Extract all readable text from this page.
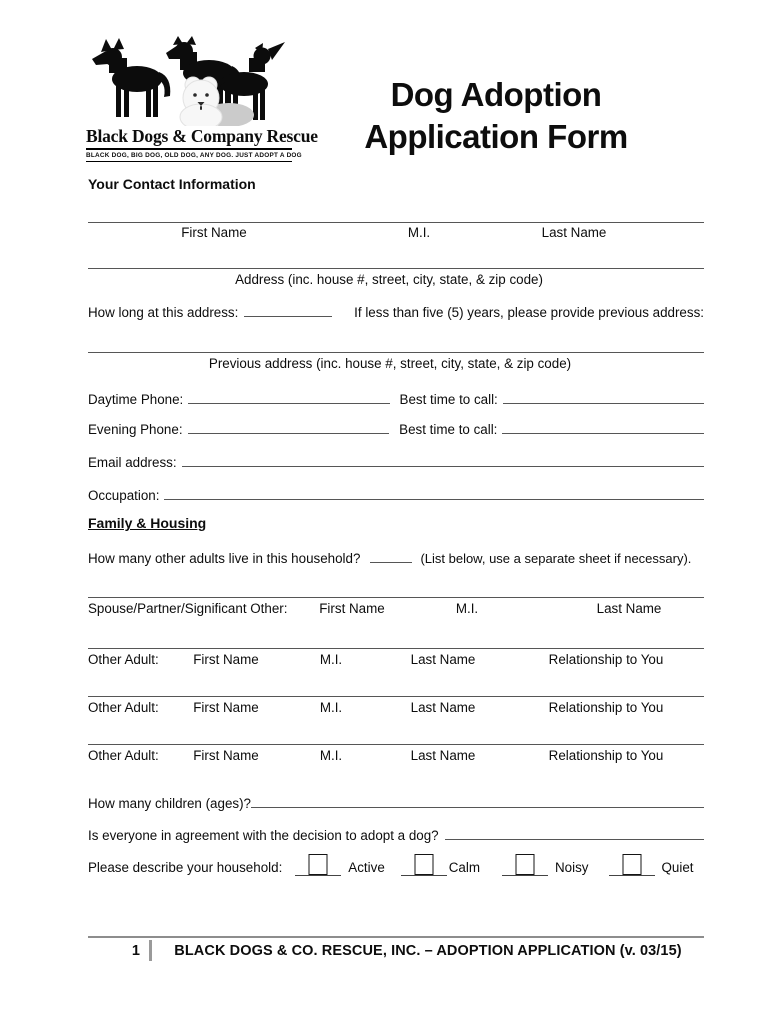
Black Dogs & Company Rescue
BLACK DOG, BIG DOG, OLD DOG, ANY DOG. JUST ADOPT A DOG
Dog Adoption
Application Form
Your Contact Information
First Name	M.I.	Last Name
Address (inc. house #, street, city, state, & zip code)
How long at this address:	If less than five (5) years, please provide previous address:
Previous address (inc. house #, street, city, state, & zip code)
Daytime Phone:	Best time to call:
Evening Phone:	Best time to call:
Email address:
Occupation:
Family & Housing
How many other adults live in this household?	(List below, use a separate sheet if necessary).
Spouse/Partner/Significant Other: First Name	M.I.	Last Name
Other Adult:	First Name	M.I.	Last Name	Relationship to You
Other Adult:	First Name	M.I.	Last Name	Relationship to You
Other Adult:	First Name	M.I.	Last Name	Relationship to You
How many children (ages)?
Is everyone in agreement with the decision to adopt a dog?
Please describe your household:	Active	Calm	Noisy	Quiet
1	BLACK DOGS & CO. RESCUE, INC. – ADOPTION APPLICATION (v. 03/15)
